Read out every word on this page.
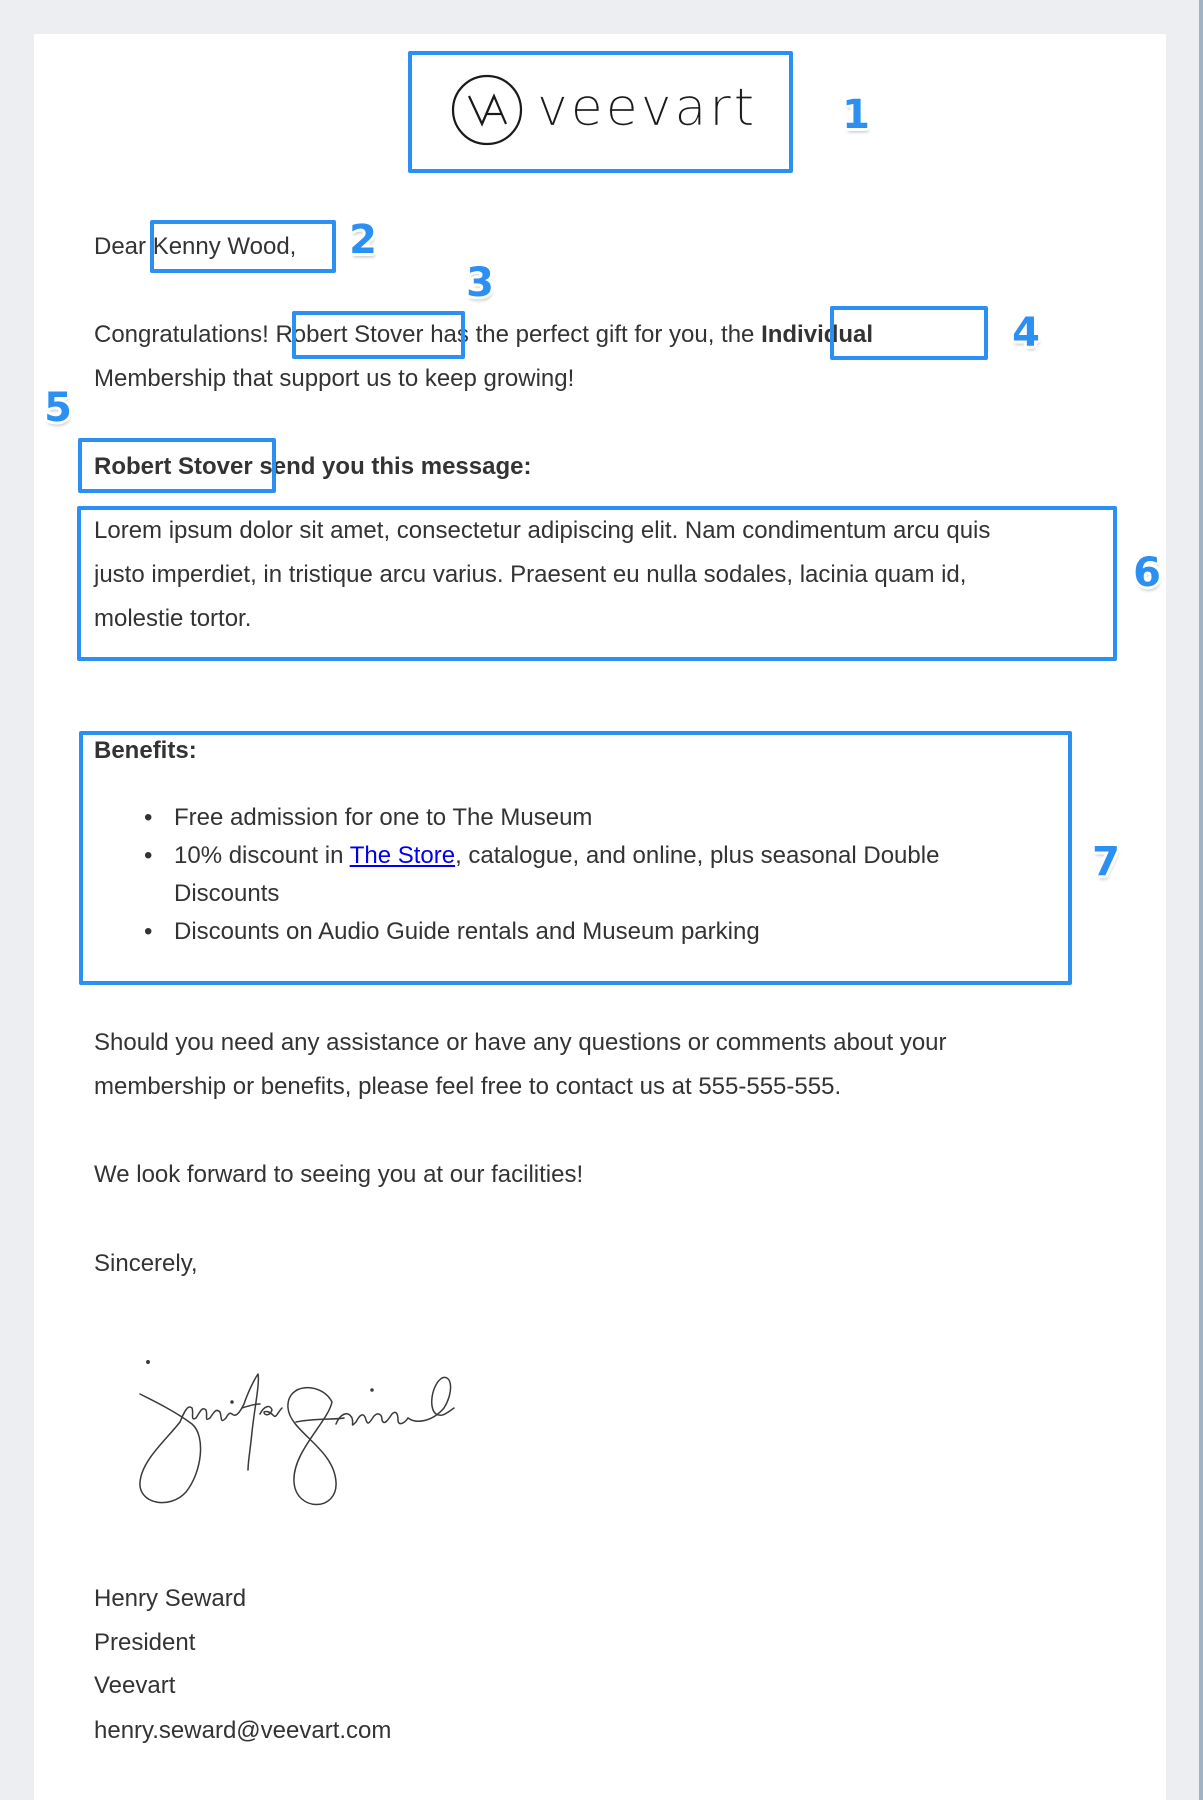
veevart
Dear Kenny Wood,
Congratulations! Robert Stover has the perfect gift for you, the Individual
Membership that support us to keep growing!
Robert Stover send you this message:
Lorem ipsum dolor sit amet, consectetur adipiscing elit. Nam condimentum arcu quis
justo imperdiet, in tristique arcu varius. Praesent eu nulla sodales, lacinia quam id,
molestie tortor.
Benefits:
• Free admission for one to The Museum
• 10% discount in The Store, catalogue, and online, plus seasonal Double
Discounts
• Discounts on Audio Guide rentals and Museum parking
Should you need any assistance or have any questions or comments about your
membership or benefits, please feel free to contact us at 555-555-555.
We look forward to seeing you at our facilities!
Sincerely,
Henry Seward
President
Veevart
henry.seward@veevart.com
1
2
3
4
5
6
7
